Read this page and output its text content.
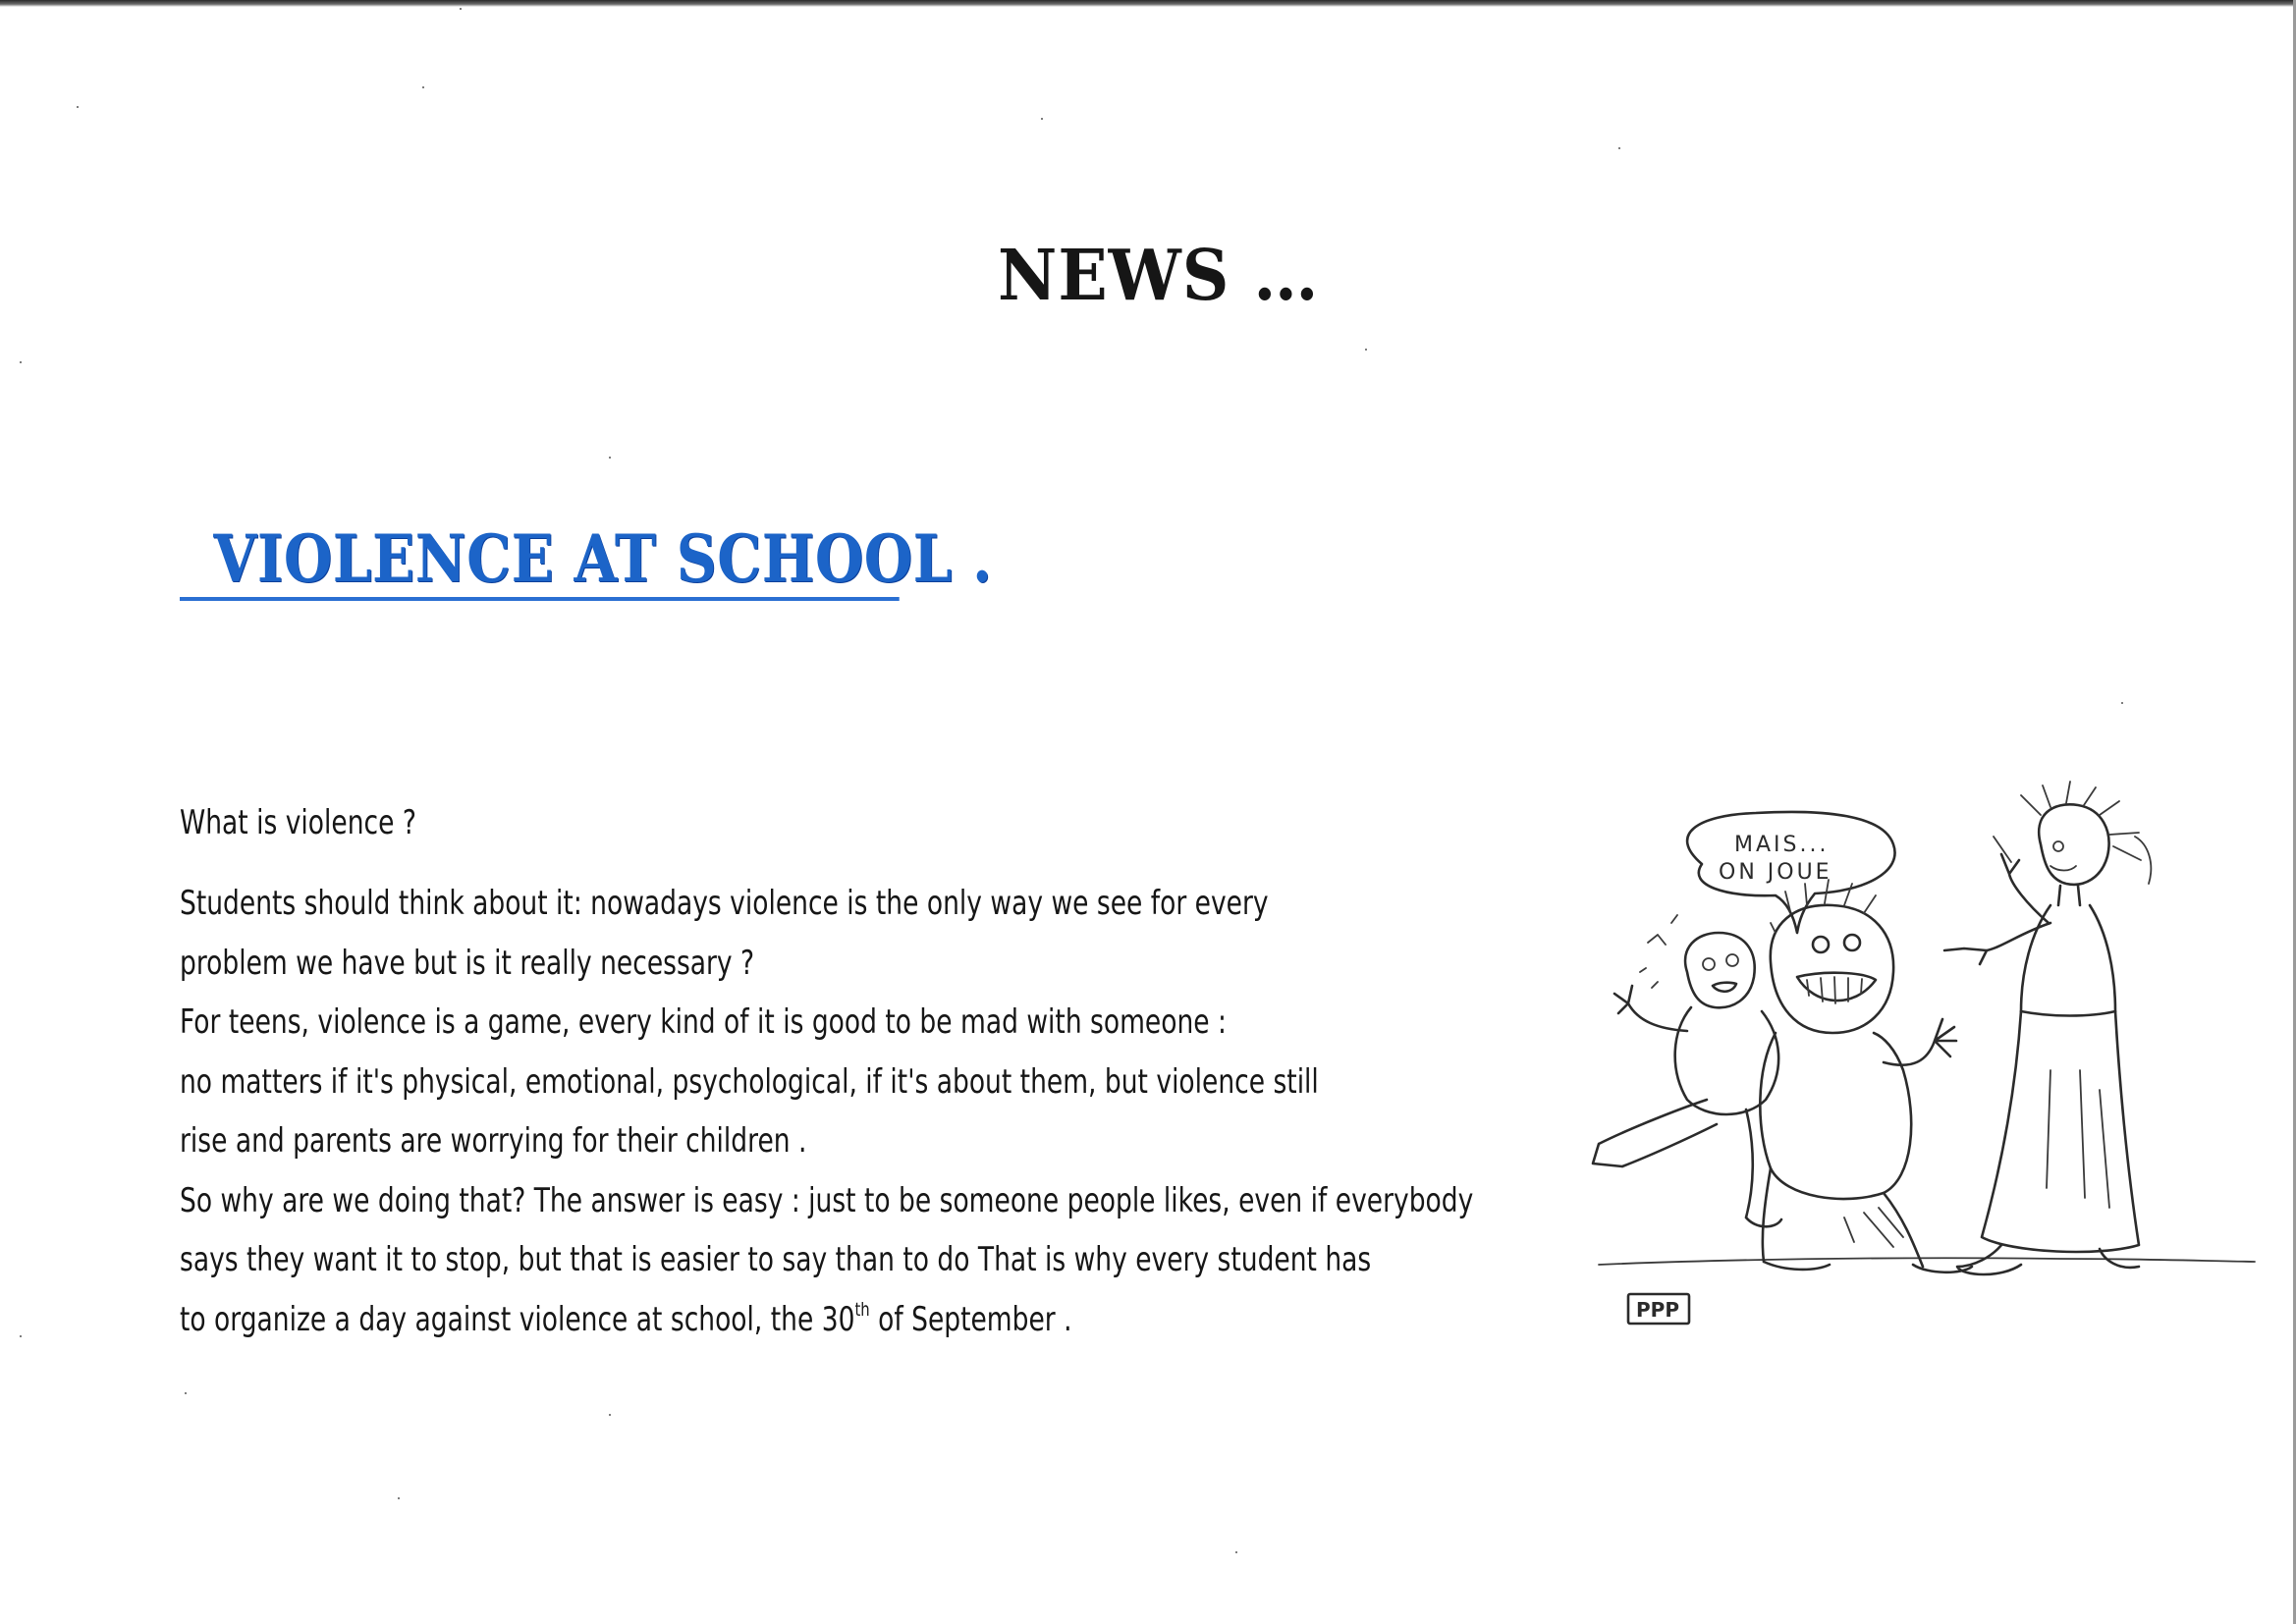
NEWS …
VIOLENCE AT SCHOOL .

What is violence ?

Students should think about it: nowadays violence is the only way we see for every

problem we have but is it really necessary ?

For teens, violence is a game, every kind of it is good to be mad with someone :

no matters if it's physical, emotional, psychological, if it's about them, but violence still

rise and parents are worrying for their children .

So why are we doing that? The answer is easy : just to be someone people likes, even if everybody

says they want it to stop, but that is easier to say than to do That is why every student has

to organize a day against violence at school, the 30th of September .

MAIS...
ON JOUE
PPP
